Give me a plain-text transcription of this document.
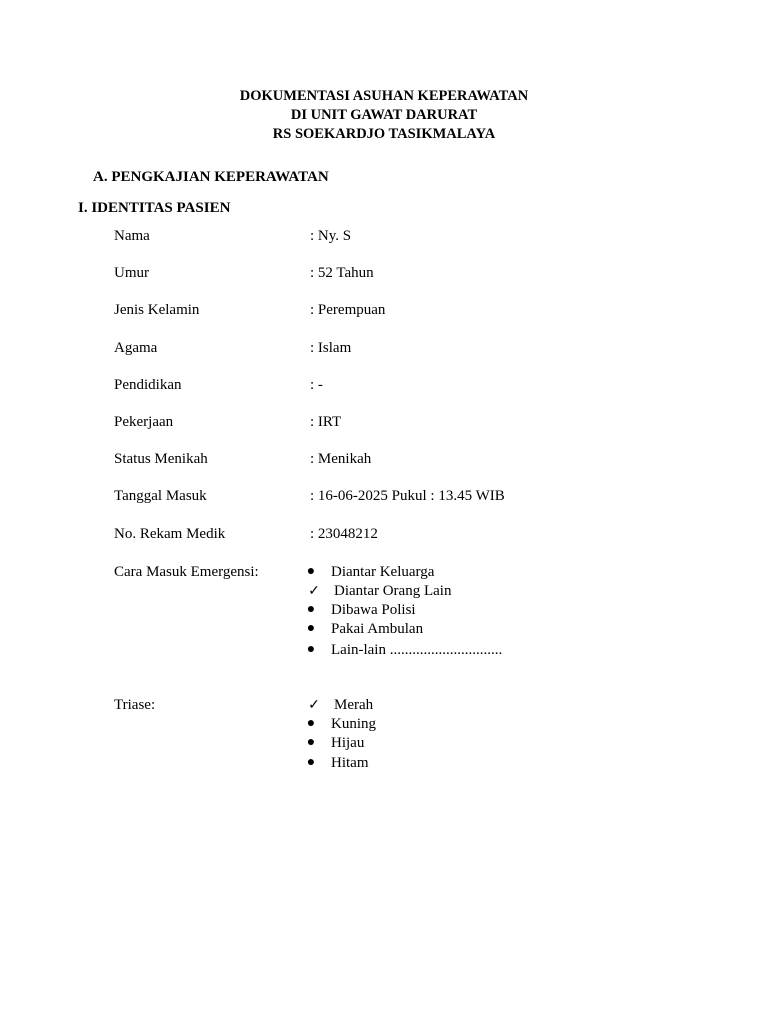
DOKUMENTASI ASUHAN KEPERAWATAN
DI UNIT GAWAT DARURAT
RS SOEKARDJO TASIKMALAYA
A. PENGKAJIAN KEPERAWATAN
I. IDENTITAS PASIEN
Nama	: Ny. S
Umur	: 52 Tahun
Jenis Kelamin	: Perempuan
Agama	: Islam
Pendidikan	: -
Pekerjaan	: IRT
Status Menikah	: Menikah
Tanggal Masuk	: 16-06-2025 Pukul : 13.45 WIB
No. Rekam Medik	: 23048212
Cara Masuk Emergensi:	● Diantar Keluarga
✓ Diantar Orang Lain
● Dibawa Polisi
● Pakai Ambulan
● Lain-lain ..............................
Triase:	✓ Merah
● Kuning
● Hijau
● Hitam
